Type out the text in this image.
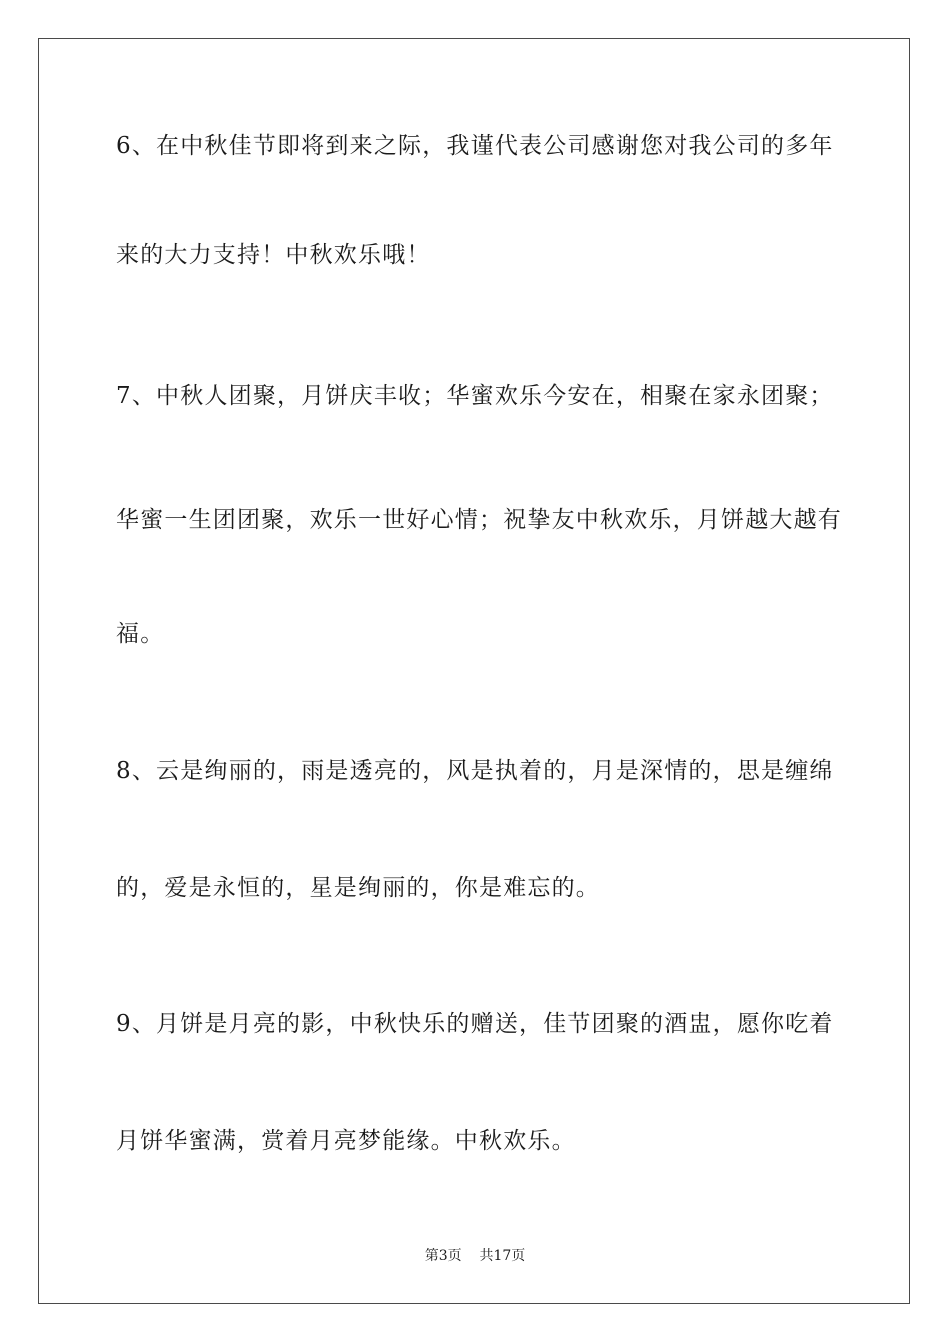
6、在中秋佳节即将到来之际，我谨代表公司感谢您对我公司的多年
来的大力支持！中秋欢乐哦！
7、中秋人团聚，月饼庆丰收；华蜜欢乐今安在，相聚在家永团聚；
华蜜一生团团聚，欢乐一世好心情；祝挚友中秋欢乐，月饼越大越有
福。
8、云是绚丽的，雨是透亮的，风是执着的，月是深情的，思是缠绵
的，爱是永恒的，星是绚丽的，你是难忘的。
9、月饼是月亮的影，中秋快乐的赠送，佳节团聚的酒盅，愿你吃着
月饼华蜜满，赏着月亮梦能缘。中秋欢乐。
第3页 共17页
